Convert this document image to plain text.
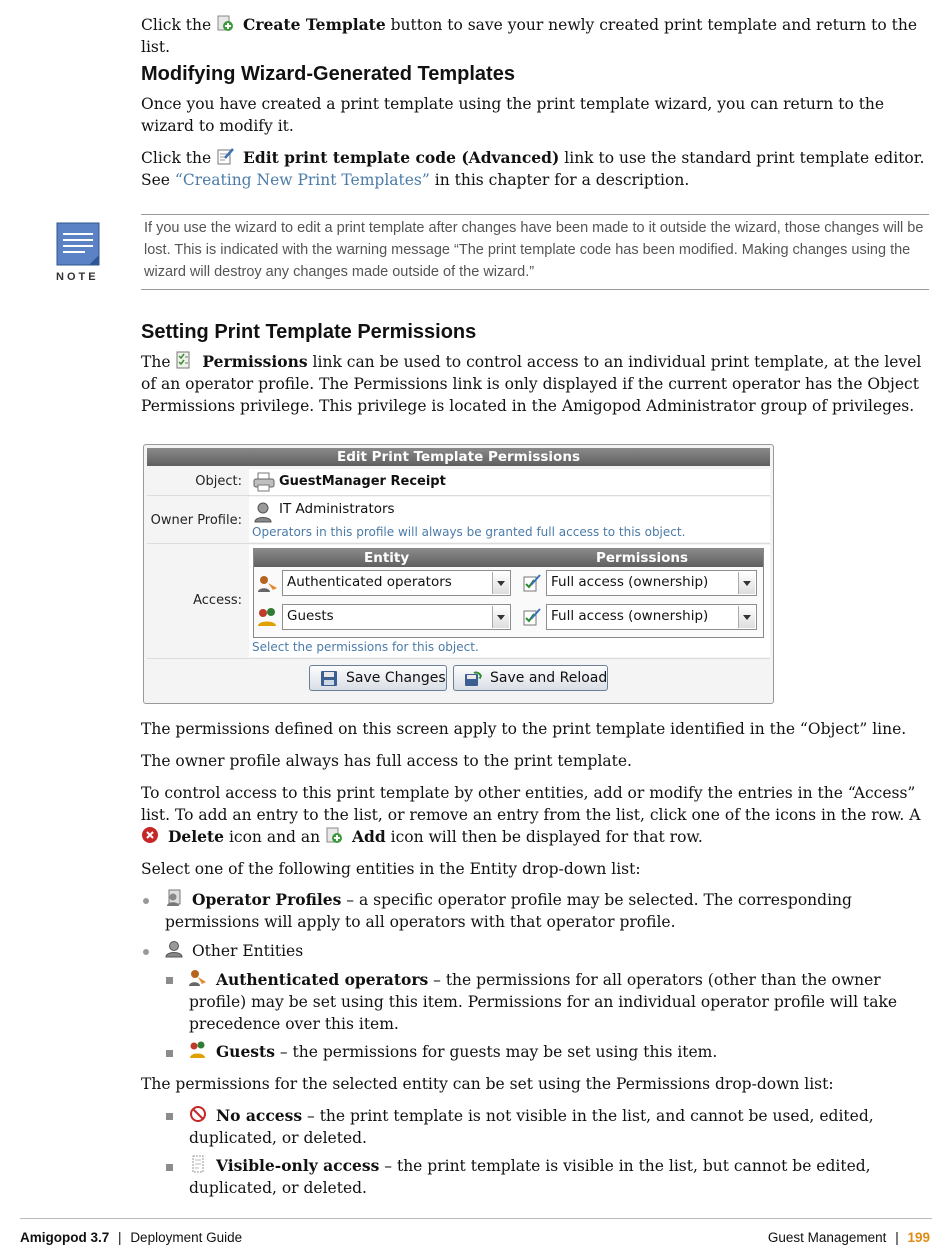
Click the Create Template button to save your newly created print template and return to the list.

Modifying Wizard-Generated Templates

Once you have created a print template using the print template wizard, you can return to the wizard to modify it.

Click the Edit print template code (Advanced) link to use the standard print template editor. See “Creating New Print Templates” in this chapter for a description.

NOTE

If you use the wizard to edit a print template after changes have been made to it outside the wizard, those changes will be lost. This is indicated with the warning message “The print template code has been modified. Making changes using the wizard will destroy any changes made outside of the wizard.”

Setting Print Template Permissions

The Permissions link can be used to control access to an individual print template, at the level of an operator profile. The Permissions link is only displayed if the current operator has the Object Permissions privilege. This privilege is located in the Amigopod Administrator group of privileges.

Edit Print Template Permissions
Object:	GuestManager Receipt
Owner Profile:
IT Administrators
Operators in this profile will always be granted full access to this object.
Access:
Entity	Permissions
Authenticated operators	Full access (ownership)
Guests	Full access (ownership)
Select the permissions for this object.
Save Changes	Save and Reload

The permissions defined on this screen apply to the print template identified in the “Object” line.

The owner profile always has full access to the print template.

To control access to this print template by other entities, add or modify the entries in the “Access” list. To add an entry to the list, or remove an entry from the list, click one of the icons in the row. A  Delete icon and an Add icon will then be displayed for that row.

Select one of the following entities in the Entity drop-down list:

Operator Profiles – a specific operator profile may be selected. The corresponding permissions will apply to all operators with that operator profile.

Other Entities

Authenticated operators – the permissions for all operators (other than the owner profile) may be set using this item. Permissions for an individual operator profile will take precedence over this item.

Guests – the permissions for guests may be set using this item.

The permissions for the selected entity can be set using the Permissions drop-down list:

No access – the print template is not visible in the list, and cannot be used, edited, duplicated, or deleted.

Visible-only access – the print template is visible in the list, but cannot be edited, duplicated, or deleted.

Amigopod 3.7 | Deployment Guide	Guest Management | 199
